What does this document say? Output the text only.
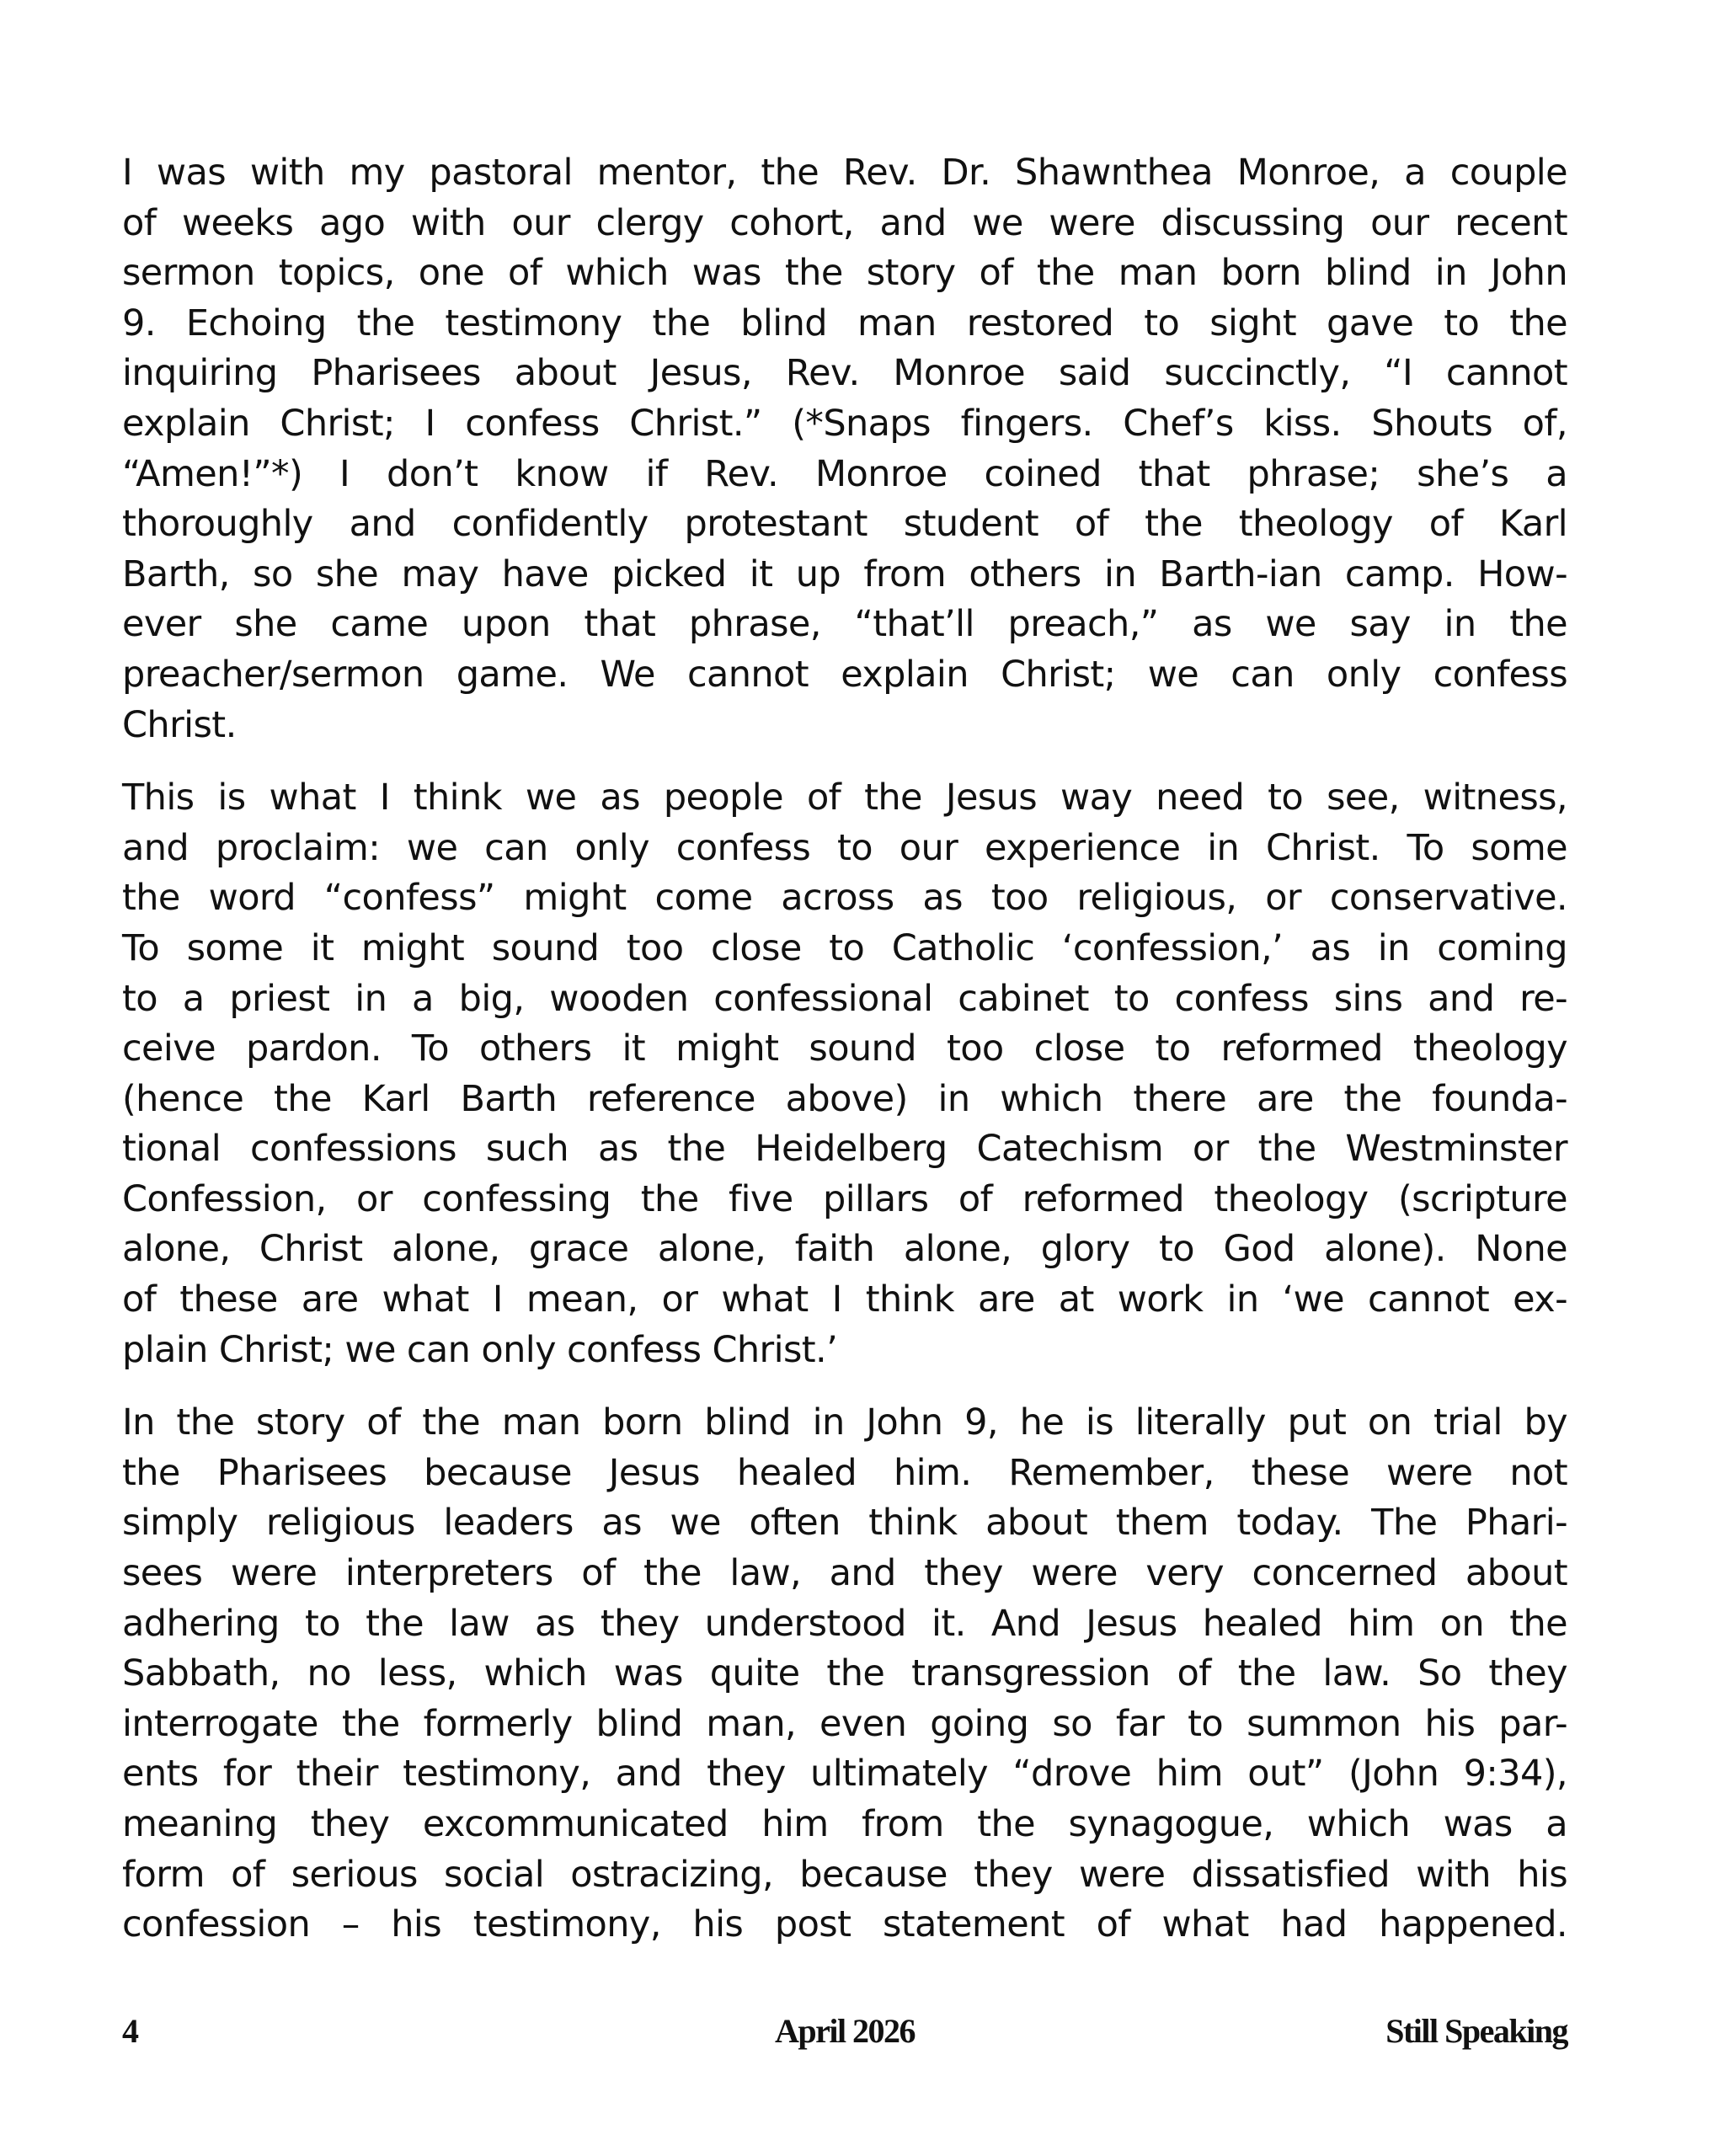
I was with my pastoral mentor, the Rev. Dr. Shawnthea Monroe, a couple
of weeks ago with our clergy cohort, and we were discussing our recent
sermon topics, one of which was the story of the man born blind in John
9. Echoing the testimony the blind man restored to sight gave to the
inquiring Pharisees about Jesus, Rev. Monroe said succinctly, “I cannot
explain Christ; I confess Christ.” (*Snaps fingers. Chef’s kiss. Shouts of,
“Amen!”*) I don’t know if Rev. Monroe coined that phrase; she’s a
thoroughly and confidently protestant student of the theology of Karl
Barth, so she may have picked it up from others in Barth-ian camp. How-
ever she came upon that phrase, “that’ll preach,” as we say in the
preacher/sermon game. We cannot explain Christ; we can only confess
Christ.
This is what I think we as people of the Jesus way need to see, witness,
and proclaim: we can only confess to our experience in Christ. To some
the word “confess” might come across as too religious, or conservative.
To some it might sound too close to Catholic ‘confession,’ as in coming
to a priest in a big, wooden confessional cabinet to confess sins and re-
ceive pardon. To others it might sound too close to reformed theology
(hence the Karl Barth reference above) in which there are the founda-
tional confessions such as the Heidelberg Catechism or the Westminster
Confession, or confessing the five pillars of reformed theology (scripture
alone, Christ alone, grace alone, faith alone, glory to God alone). None
of these are what I mean, or what I think are at work in ‘we cannot ex-
plain Christ; we can only confess Christ.’
In the story of the man born blind in John 9, he is literally put on trial by
the Pharisees because Jesus healed him. Remember, these were not
simply religious leaders as we often think about them today. The Phari-
sees were interpreters of the law, and they were very concerned about
adhering to the law as they understood it. And Jesus healed him on the
Sabbath, no less, which was quite the transgression of the law. So they
interrogate the formerly blind man, even going so far to summon his par-
ents for their testimony, and they ultimately “drove him out” (John 9:34),
meaning they excommunicated him from the synagogue, which was a
form of serious social ostracizing, because they were dissatisfied with his
confession – his testimony, his post statement of what had happened.
April 2026
4	Still Speaking
